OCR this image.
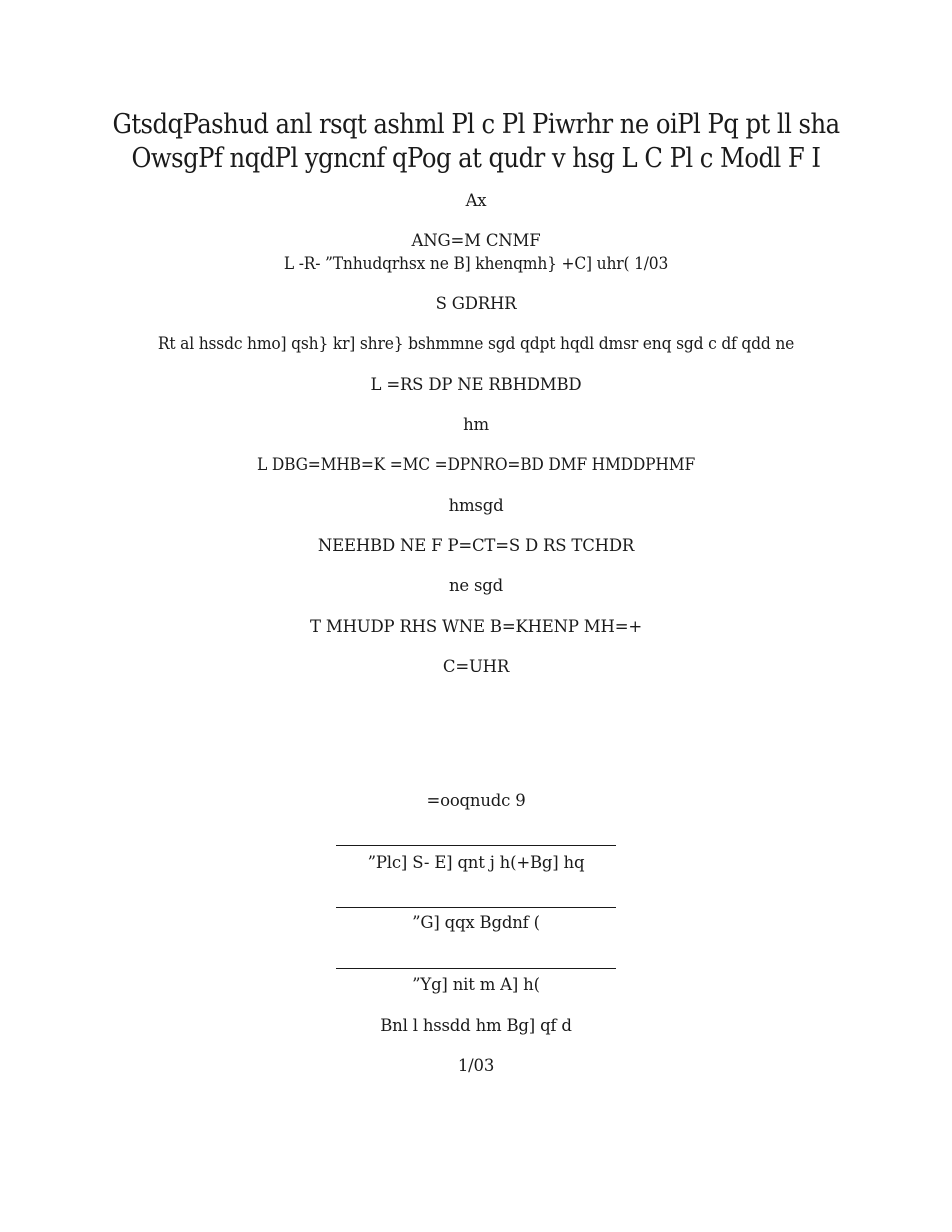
GtsdqPashud anl rsqt ashml Pl c Pl Piwrhr ne oiPl Pq pt ll sha
OwsgPf nqdPl ygncnf qPog at qudr v hsg L C Pl c Modl F I
Ax
ANG=M CNMF
L -R- ”Tnhudqrhsx ne B] khenqmh} +C] uhr( 1/03
S GDRHR
Rt al hssdc hmo] qsh} kr] shre} bshmmne sgd qdpt hqdl dmsr enq sgd c df qdd ne
L =RS DP NE RBHDMBD
hm
L DBG=MHB=K =MC =DPNRO=BD DMF HMDDPHMF
hmsgd
NEEHBD NE F P=CT=S D RS TCHDR
ne sgd
T MHUDP RHS WNE B=KHENP MH=+
C=UHR
=ooqnudc 9
”Plc] S- E] qnt j h(+Bg] hq
”G] qqx Bgdnf (
”Yg] nit m A] h(
Bnl l hssdd hm Bg] qf d
1/03
